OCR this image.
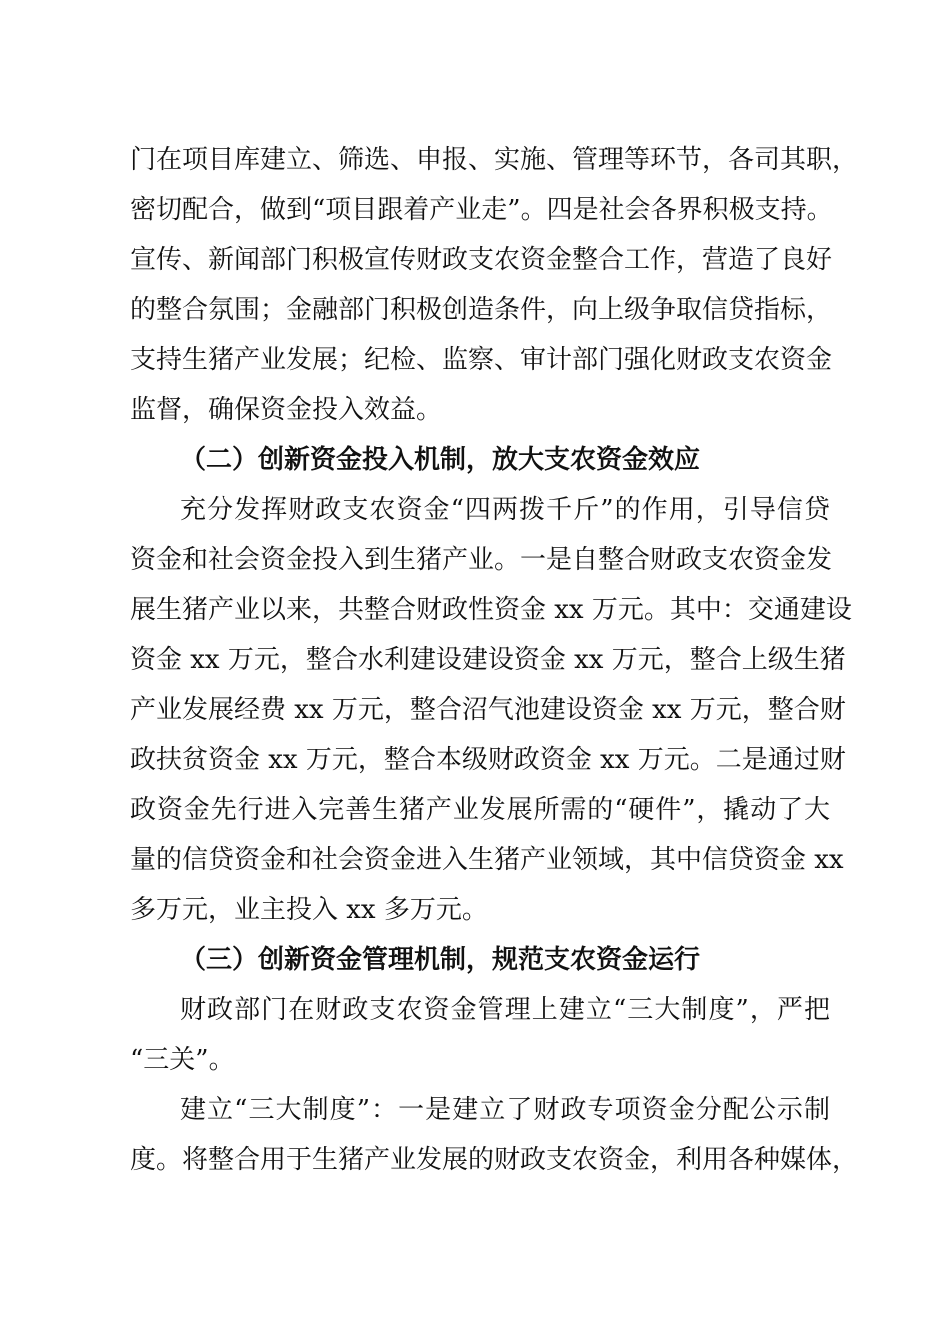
门在项目库建立、筛选、申报、实施、管理等环节，各司其职，
密切配合，做到“项目跟着产业走”。四是社会各界积极支持。
宣传、新闻部门积极宣传财政支农资金整合工作，营造了良好
的整合氛围；金融部门积极创造条件，向上级争取信贷指标，
支持生猪产业发展；纪检、监察、审计部门强化财政支农资金
监督，确保资金投入效益。
（二）创新资金投入机制，放大支农资金效应
充分发挥财政支农资金“四两拨千斤”的作用，引导信贷
资金和社会资金投入到生猪产业。一是自整合财政支农资金发
展生猪产业以来，共整合财政性资金 xx 万元。其中：交通建设
资金 xx 万元，整合水利建设建设资金 xx 万元，整合上级生猪
产业发展经费 xx 万元，整合沼气池建设资金 xx 万元，整合财
政扶贫资金 xx 万元，整合本级财政资金 xx 万元。二是通过财
政资金先行进入完善生猪产业发展所需的“硬件”，撬动了大
量的信贷资金和社会资金进入生猪产业领域，其中信贷资金 xx
多万元，业主投入 xx 多万元。
（三）创新资金管理机制，规范支农资金运行
财政部门在财政支农资金管理上建立“三大制度”，严把
“三关”。
建立“三大制度”：一是建立了财政专项资金分配公示制
度。将整合用于生猪产业发展的财政支农资金，利用各种媒体，
